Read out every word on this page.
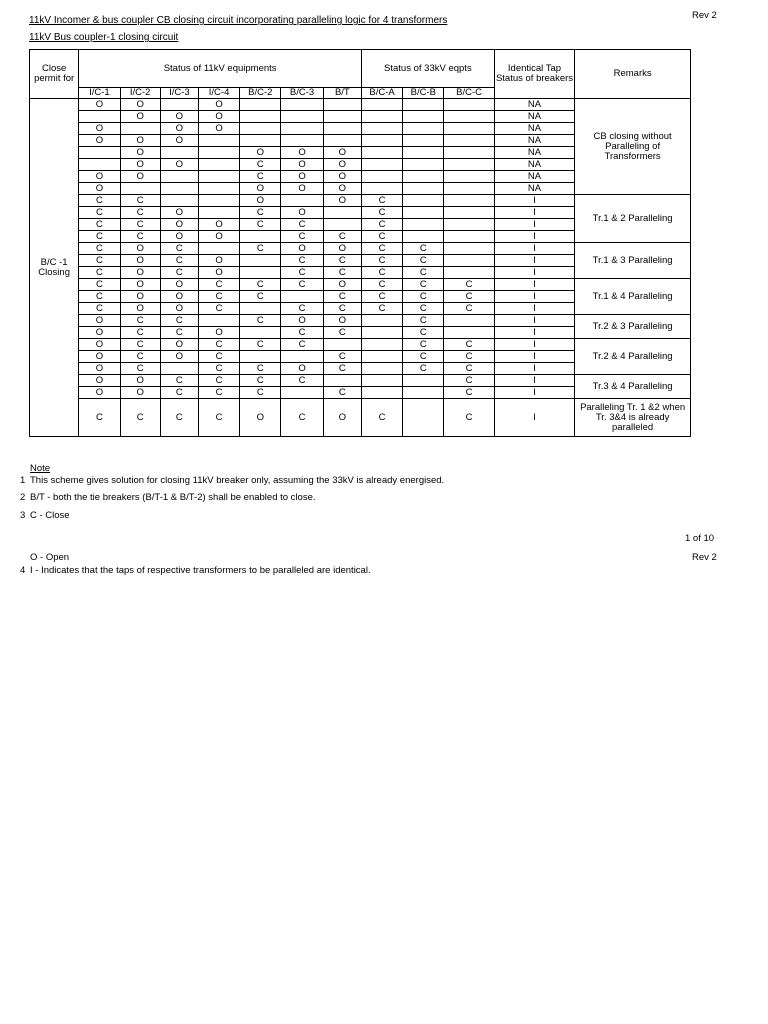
11kV Incomer & bus coupler CB closing circuit incorporating paralleling logic for 4 transformers
11kV Bus coupler-1 closing circuit
Rev 2
Close permit for	Status of 11kV equipments							Status of 33kV eqpts			Identical Tap Status of breakers	Remarks
	I/C-1	I/C-2	I/C-3	I/C-4	B/C-2	B/C-3	B/T	B/C-A	B/C-B	B/C-C		
B/C -1 Closing	O	O		O							NA	CB closing without Paralleling of Transformers
		O	O	O							NA	
	O		O	O							NA	
	O	O	O								NA	
		O			O	O	O				NA	
		O	O		C	O	O				NA	
	O	O			C	O	O				NA	
	O				O	O	O				NA	
	C	C			O		O	C			I	Tr.1 & 2 Paralleling
	C	C	O		C	O		C			I	
	C	C	O	O	C	C		C			I	
	C	C	O	O		C	C	C			I	
	C	O	C		C	O	O	C	C		I	Tr.1 & 3 Paralleling
	C	O	C	O		C	C	C	C		I	
	C	O	C	O		C	C	C	C		I	
	C	O	O	C	C	C	O	C	C	C	I	Tr.1 & 4 Paralleling
	C	O	O	C	C		C	C	C	C	I	
	C	O	O	C		C	C	C	C	C	I	
	O	C	C		C	O	O		C		I	Tr.2 & 3 Paralleling
	O	C	C	O		C	C		C		I	
	O	C	O	C	C	C			C	C	I	Tr.2 & 4 Paralleling
	O	C	O	C			C		C	C	I	
	O	C		C	C	O	C		C	C	I	
	O	O	C	C	C	C				C	I	Tr.3 & 4 Paralleling
	O	O	C	C	C		C			C	I	
	C	C	C	C	O	C	O	C		C	I	Paralleling Tr. 1 &2 when Tr. 3&4 is already paralleled
Note
1 This scheme gives solution for closing 11kV breaker only, assuming the 33kV is already energised.
2 B/T - both the tie breakers (B/T-1 & B/T-2) shall be enabled to close.
3 C - Close
1 of 10
O - Open	Rev 2
4 I - Indicates that the taps of respective transformers to be paralleled are identical.
